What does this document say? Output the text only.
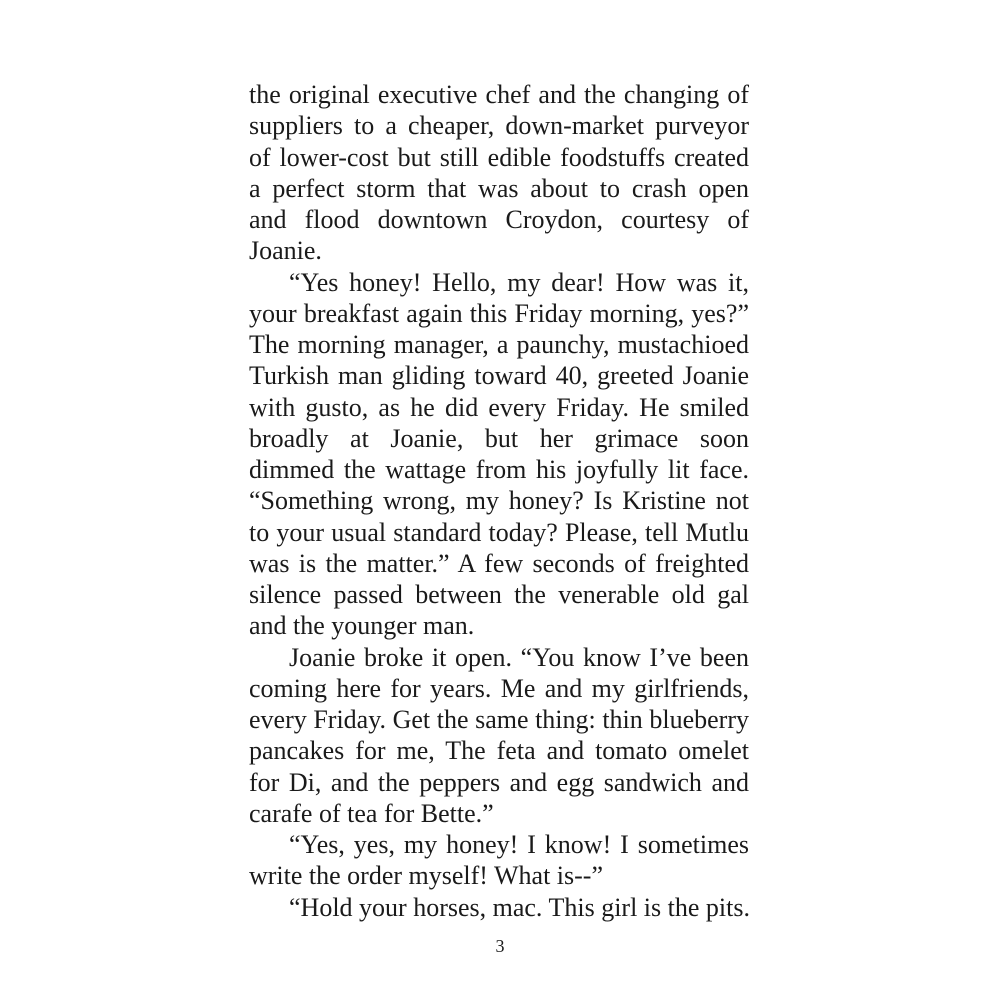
the original executive chef and the changing of
suppliers to a cheaper, down-market purveyor
of lower-cost but still edible foodstuffs created
a perfect storm that was about to crash open
and flood downtown Croydon, courtesy of
Joanie.
“Yes honey! Hello, my dear! How was it,
your breakfast again this Friday morning, yes?”
The morning manager, a paunchy, mustachioed
Turkish man gliding toward 40, greeted Joanie
with gusto, as he did every Friday. He smiled
broadly at Joanie, but her grimace soon
dimmed the wattage from his joyfully lit face.
“Something wrong, my honey? Is Kristine not
to your usual standard today? Please, tell Mutlu
was is the matter.” A few seconds of freighted
silence passed between the venerable old gal
and the younger man.
Joanie broke it open. “You know I’ve been
coming here for years. Me and my girlfriends,
every Friday. Get the same thing: thin blueberry
pancakes for me, The feta and tomato omelet
for Di, and the peppers and egg sandwich and
carafe of tea for Bette.”
“Yes, yes, my honey! I know! I sometimes
write the order myself! What is--”
“Hold your horses, mac. This girl is the pits.
3
